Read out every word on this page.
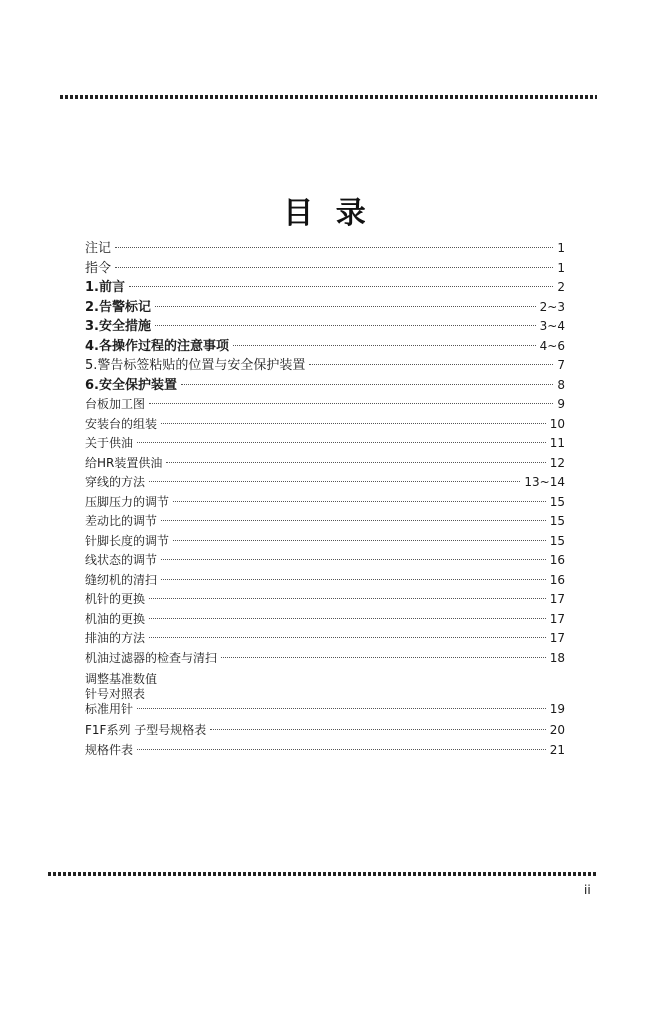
目 录
注记	1
指令	1
1.前言	2
2.告警标记	2~3
3.安全措施	3~4
4.各操作过程的注意事项	4~6
5.警告标签粘贴的位置与安全保护装置	7
6.安全保护装置	8
台板加工图	9
安装台的组装	10
关于供油	11
给HR装置供油	12
穿线的方法	13~14
压脚压力的调节	15
差动比的调节	15
针脚长度的调节	15
线状态的调节	16
缝纫机的清扫	16
机针的更换	17
机油的更换	17
排油的方法	17
机油过滤器的检查与清扫	18
调整基准数值
针号对照表
标准用针	19
F1F系列 子型号规格表	20
规格件表	21
ii
